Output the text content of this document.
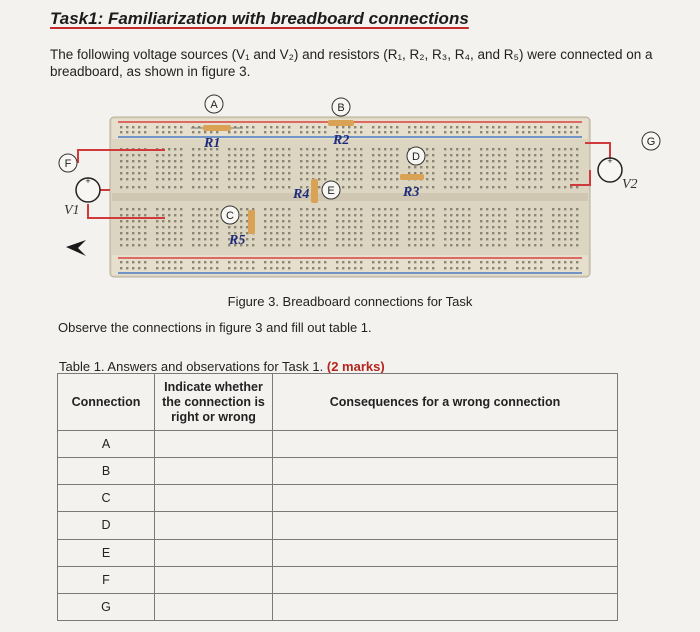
Task1: Familiarization with breadboard connections

The following voltage sources (V₁ and V₂) and resistors (R₁, R₂, R₃, R₄, and R₅) were connected on a breadboard, as shown in figure 3.

R1	R2
R3
R4
R5
V1
V2
A	B
C
D
E
F
G
+
+
Figure 3. Breadboard connections for Task
Observe the connections in figure 3 and fill out table 1.
Table 1. Answers and observations for Task 1. (2 marks)
Connection	Indicate whether the connection is right or wrong	Consequences for a wrong connection
A		
B		
C		
D		
E		
F		
G		
